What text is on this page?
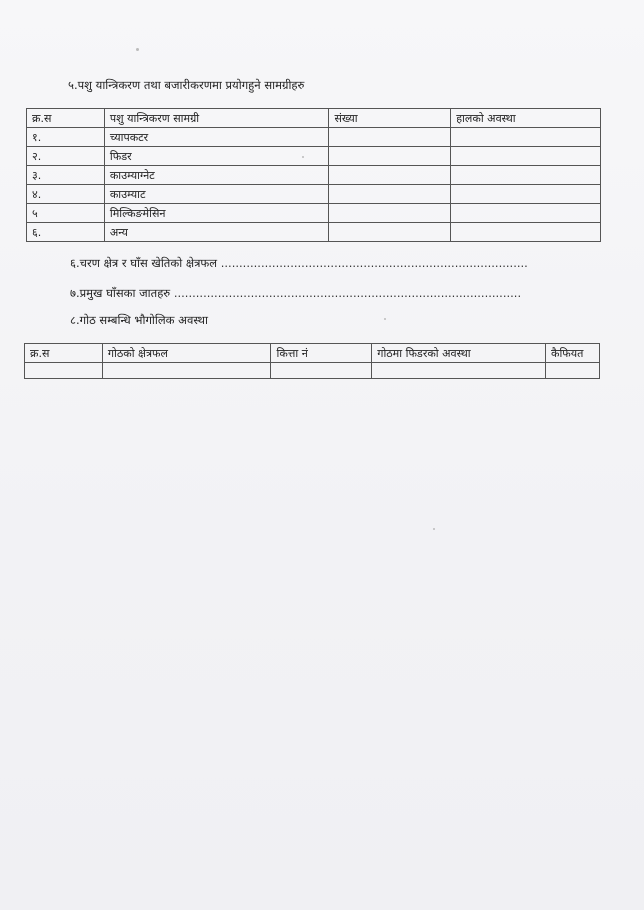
५.पशु यान्त्रिकरण तथा बजारीकरणमा प्रयोगहुने सामग्रीहरु
क्र.स	पशु यान्त्रिकरण सामग्री	संख्या	हालको अवस्था
१.	च्यापकटर		
२.	फिडर		
३.	काउम्याग्नेट		
४.	काउम्याट		
५	मिल्किङमेसिन		
६.	अन्य		
६.चरण क्षेत्र र घाँस खेतिको क्षेत्रफल ....................................................................................
७.प्रमुख घाँसका जातहरु ...............................................................................................
८.गोठ सम्बन्धि भौगोलिक अवस्था
क्र.स	गोठको क्षेत्रफल	कित्ता नं	गोठमा फिडरको अवस्था	कैफियत
